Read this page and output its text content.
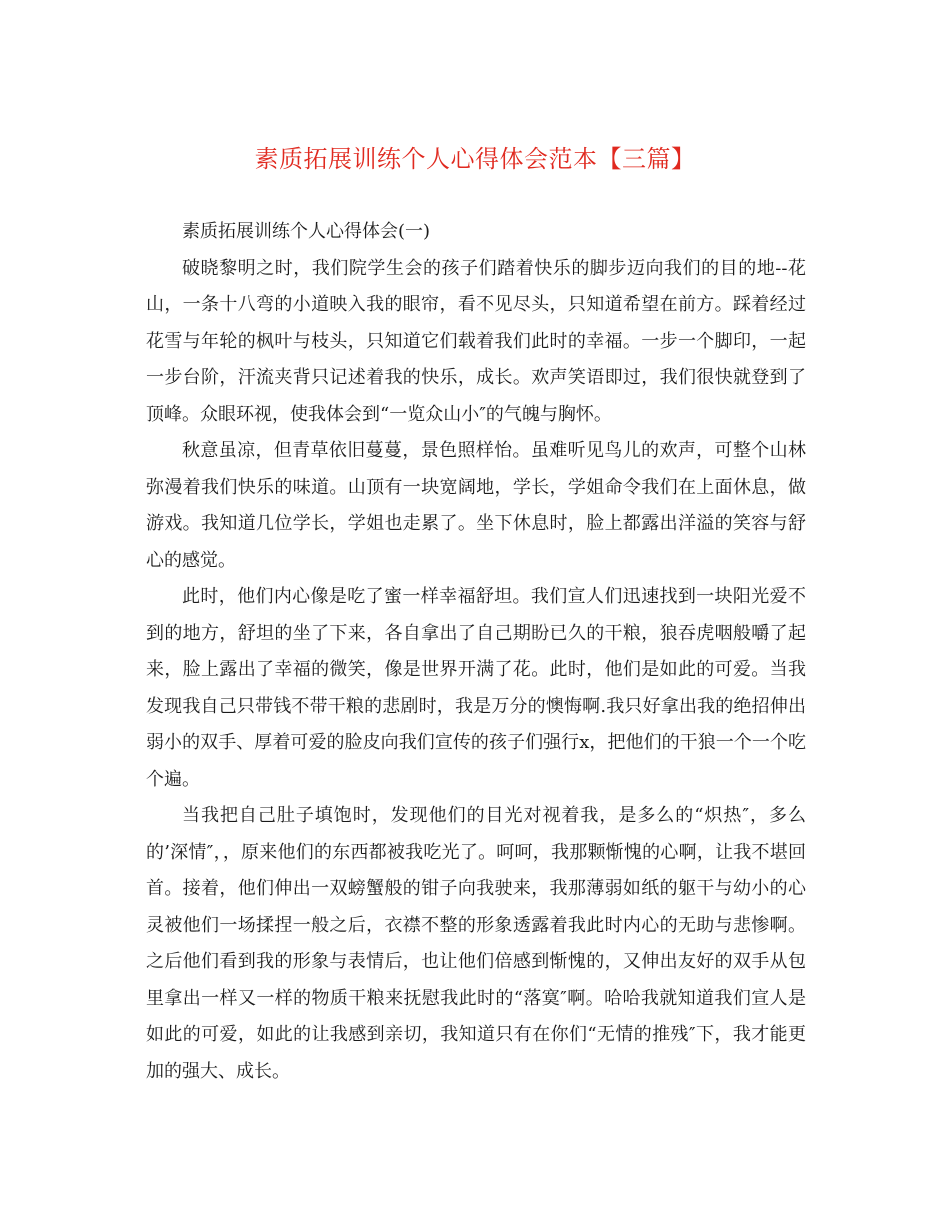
素质拓展训练个人心得体会范本【三篇】

素质拓展训练个人心得体会(一)

破晓黎明之时，我们院学生会的孩子们踏着快乐的脚步迈向我们的目的地--花山，一条十八弯的小道映入我的眼帘，看不见尽头，只知道希望在前方。踩着经过花雪与年轮的枫叶与枝头，只知道它们载着我们此时的幸福。一步一个脚印，一起一步台阶，汗流夹背只记述着我的快乐，成长。欢声笑语即过，我们很快就登到了顶峰。众眼环视，使我体会到“一览众山小″的气魄与胸怀。

秋意虽凉，但青草依旧蔓蔓，景色照样怡。虽难听见鸟儿的欢声，可整个山林弥漫着我们快乐的味道。山顶有一块宽阔地，学长，学姐命令我们在上面休息，做游戏。我知道几位学长，学姐也走累了。坐下休息时，脸上都露出洋溢的笑容与舒心的感觉。

此时，他们内心像是吃了蜜一样幸福舒坦。我们宣人们迅速找到一块阳光爱不到的地方，舒坦的坐了下来，各自拿出了自己期盼已久的干粮，狼吞虎咽般嚼了起来，脸上露出了幸福的微笑，像是世界开满了花。此时，他们是如此的可爱。当我发现我自己只带钱不带干粮的悲剧时，我是万分的懊悔啊.我只好拿出我的绝招伸出弱小的双手、厚着可爱的脸皮向我们宣传的孩子们强行x，把他们的干狼一个一个吃个遍。

当我把自己肚子填饱时，发现他们的目光对视着我，是多么的“炽热″，多么的’深情″，，原来他们的东西都被我吃光了。呵呵，我那颗惭愧的心啊，让我不堪回首。接着，他们伸出一双螃蟹般的钳子向我驶来，我那薄弱如纸的躯干与幼小的心灵被他们一场揉捏一般之后，衣襟不整的形象透露着我此时内心的无助与悲惨啊。之后他们看到我的形象与表情后，也让他们倍感到惭愧的，又伸出友好的双手从包里拿出一样又一样的物质干粮来抚慰我此时的“落寞″啊。哈哈我就知道我们宣人是如此的可爱，如此的让我感到亲切，我知道只有在你们“无情的推残″下，我才能更加的强大、成长。
